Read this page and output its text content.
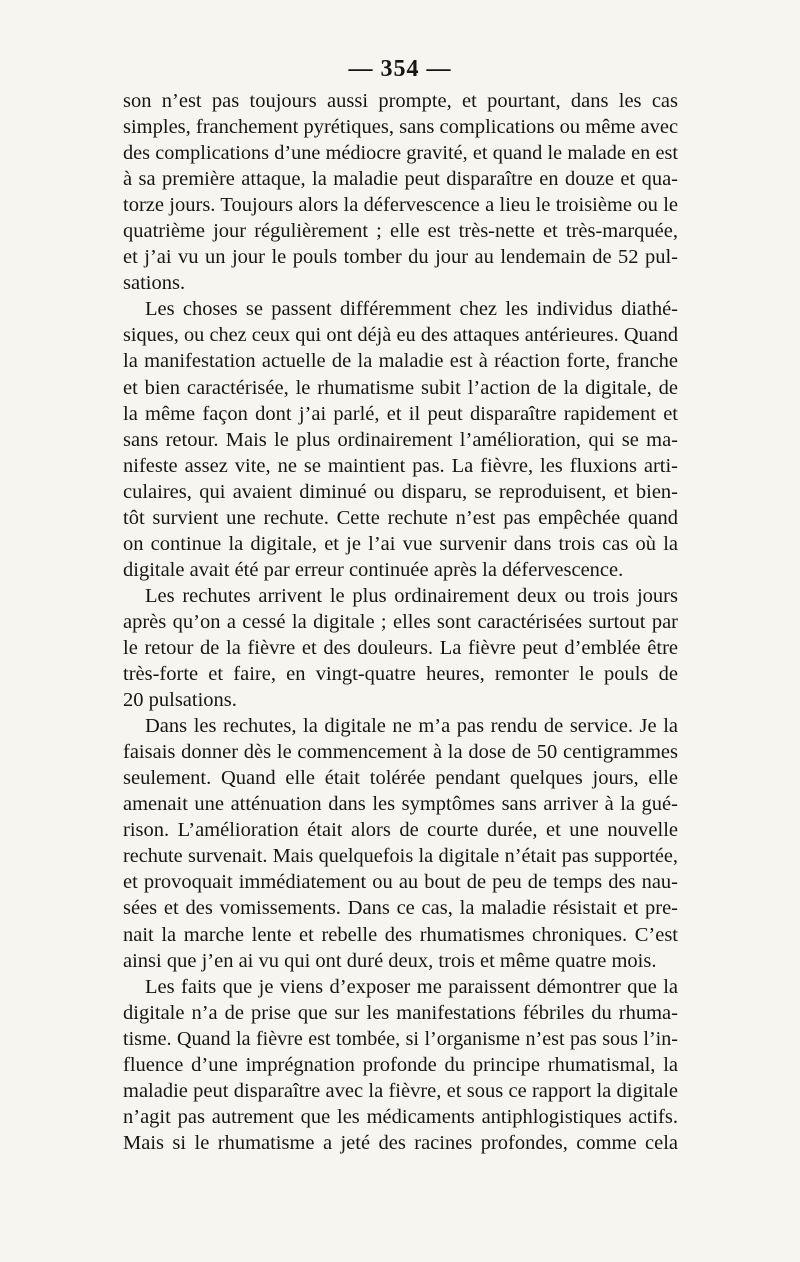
— 354 —
son n’est pas toujours aussi prompte, et pourtant, dans les cas
simples, franchement pyrétiques, sans complications ou même avec
des complications d’une médiocre gravité, et quand le malade en est
à sa première attaque, la maladie peut disparaître en douze et qua-
torze jours. Toujours alors la défervescence a lieu le troisième ou le
quatrième jour régulièrement ; elle est très-nette et très-marquée,
et j’ai vu un jour le pouls tomber du jour au lendemain de 52 pul-
sations.
Les choses se passent différemment chez les individus diathé-
siques, ou chez ceux qui ont déjà eu des attaques antérieures. Quand
la manifestation actuelle de la maladie est à réaction forte, franche
et bien caractérisée, le rhumatisme subit l’action de la digitale, de
la même façon dont j’ai parlé, et il peut disparaître rapidement et
sans retour. Mais le plus ordinairement l’amélioration, qui se ma-
nifeste assez vite, ne se maintient pas. La fièvre, les fluxions arti-
culaires, qui avaient diminué ou disparu, se reproduisent, et bien-
tôt survient une rechute. Cette rechute n’est pas empêchée quand
on continue la digitale, et je l’ai vue survenir dans trois cas où la
digitale avait été par erreur continuée après la défervescence.
Les rechutes arrivent le plus ordinairement deux ou trois jours
après qu’on a cessé la digitale ; elles sont caractérisées surtout par
le retour de la fièvre et des douleurs. La fièvre peut d’emblée être
très-forte et faire, en vingt-quatre heures, remonter le pouls de
20 pulsations.
Dans les rechutes, la digitale ne m’a pas rendu de service. Je la
faisais donner dès le commencement à la dose de 50 centigrammes
seulement. Quand elle était tolérée pendant quelques jours, elle
amenait une atténuation dans les symptômes sans arriver à la gué-
rison. L’amélioration était alors de courte durée, et une nouvelle
rechute survenait. Mais quelquefois la digitale n’était pas supportée,
et provoquait immédiatement ou au bout de peu de temps des nau-
sées et des vomissements. Dans ce cas, la maladie résistait et pre-
nait la marche lente et rebelle des rhumatismes chroniques. C’est
ainsi que j’en ai vu qui ont duré deux, trois et même quatre mois.
Les faits que je viens d’exposer me paraissent démontrer que la
digitale n’a de prise que sur les manifestations fébriles du rhuma-
tisme. Quand la fièvre est tombée, si l’organisme n’est pas sous l’in-
fluence d’une imprégnation profonde du principe rhumatismal, la
maladie peut disparaître avec la fièvre, et sous ce rapport la digitale
n’agit pas autrement que les médicaments antiphlogistiques actifs.
Mais si le rhumatisme a jeté des racines profondes, comme cela
